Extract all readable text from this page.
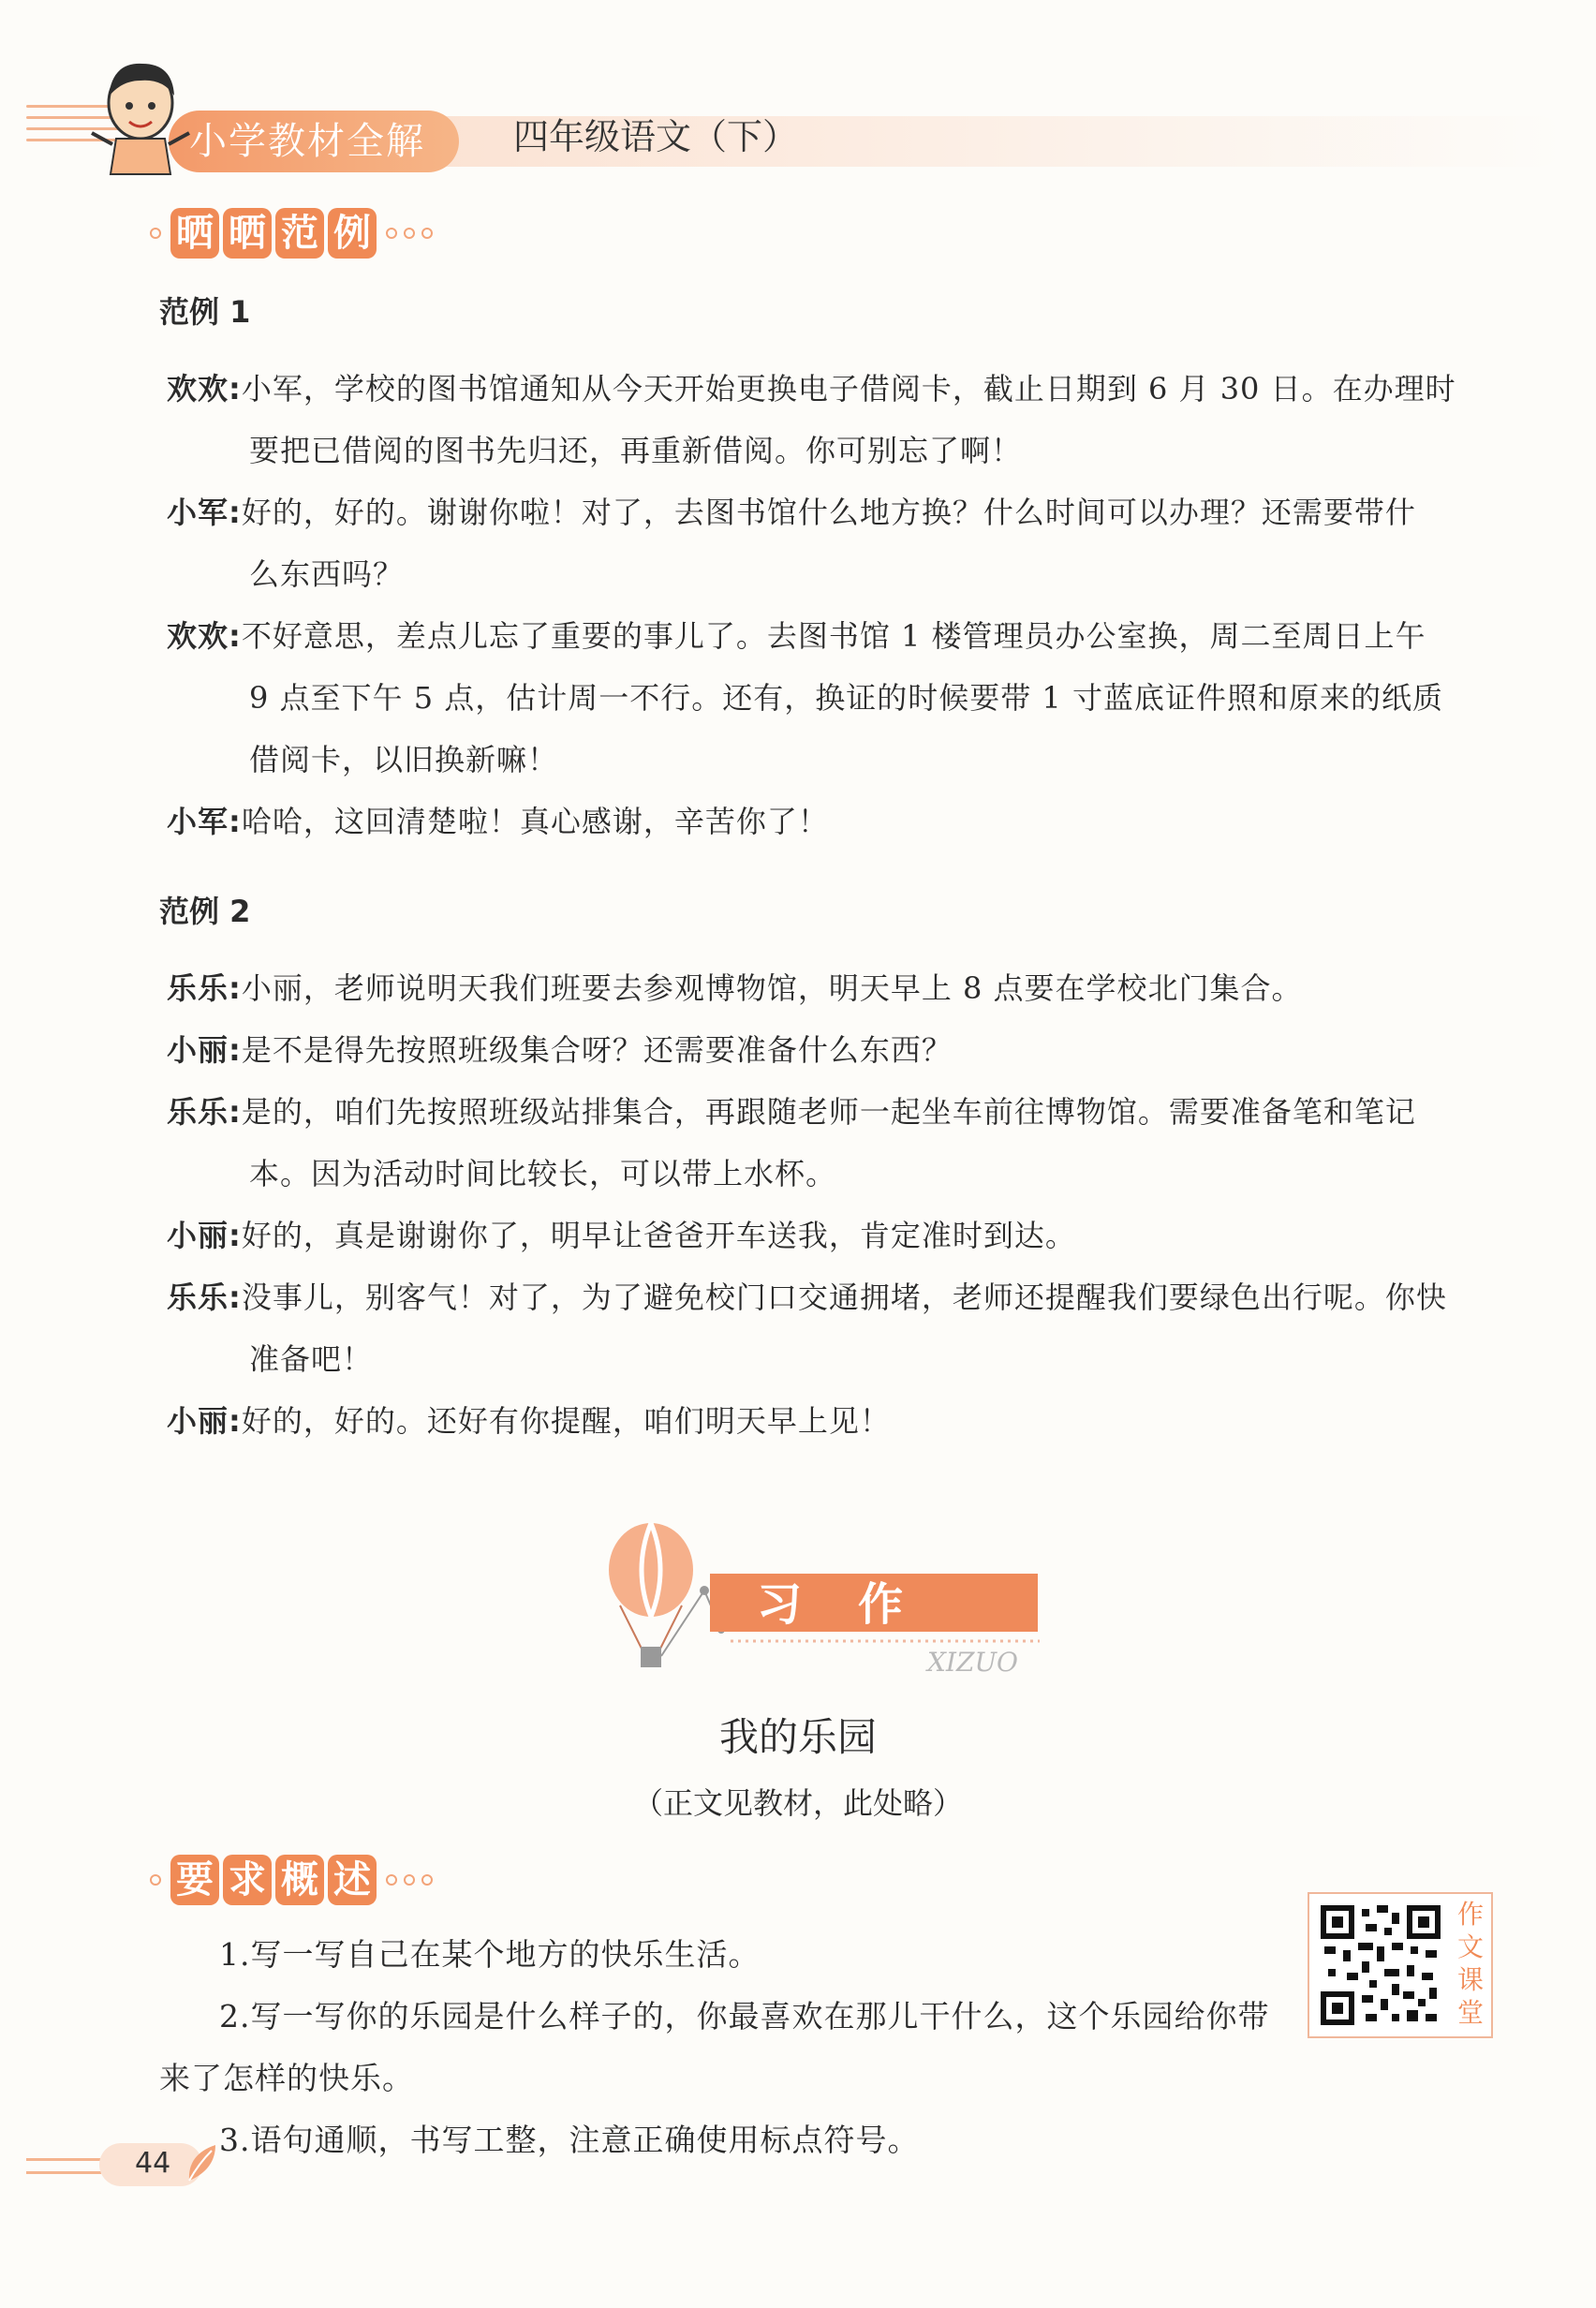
小学教材全解	四年级语文（下）
晒 晒 范 例
范例 1
欢欢:小军，学校的图书馆通知从今天开始更换电子借阅卡，截止日期到 6 月 30 日。在办理时
要把已借阅的图书先归还，再重新借阅。你可别忘了啊！
小军:好的，好的。谢谢你啦！对了，去图书馆什么地方换？什么时间可以办理？还需要带什
么东西吗？
欢欢:不好意思，差点儿忘了重要的事儿了。去图书馆 1 楼管理员办公室换，周二至周日上午
9 点至下午 5 点，估计周一不行。还有，换证的时候要带 1 寸蓝底证件照和原来的纸质
借阅卡，以旧换新嘛！
小军:哈哈，这回清楚啦！真心感谢，辛苦你了！
范例 2
乐乐:小丽，老师说明天我们班要去参观博物馆，明天早上 8 点要在学校北门集合。
小丽:是不是得先按照班级集合呀？还需要准备什么东西？
乐乐:是的，咱们先按照班级站排集合，再跟随老师一起坐车前往博物馆。需要准备笔和笔记
本。因为活动时间比较长，可以带上水杯。
小丽:好的，真是谢谢你了，明早让爸爸开车送我，肯定准时到达。
乐乐:没事儿，别客气！对了，为了避免校门口交通拥堵，老师还提醒我们要绿色出行呢。你快
准备吧！
小丽:好的，好的。还好有你提醒，咱们明天早上见！
习作
XIZUO
我的乐园
（正文见教材，此处略）
要 求 概 述
1.写一写自己在某个地方的快乐生活。
2.写一写你的乐园是什么样子的，你最喜欢在那儿干什么，这个乐园给你带
来了怎样的快乐。
3.语句通顺，书写工整，注意正确使用标点符号。
作
文
课
堂
44
